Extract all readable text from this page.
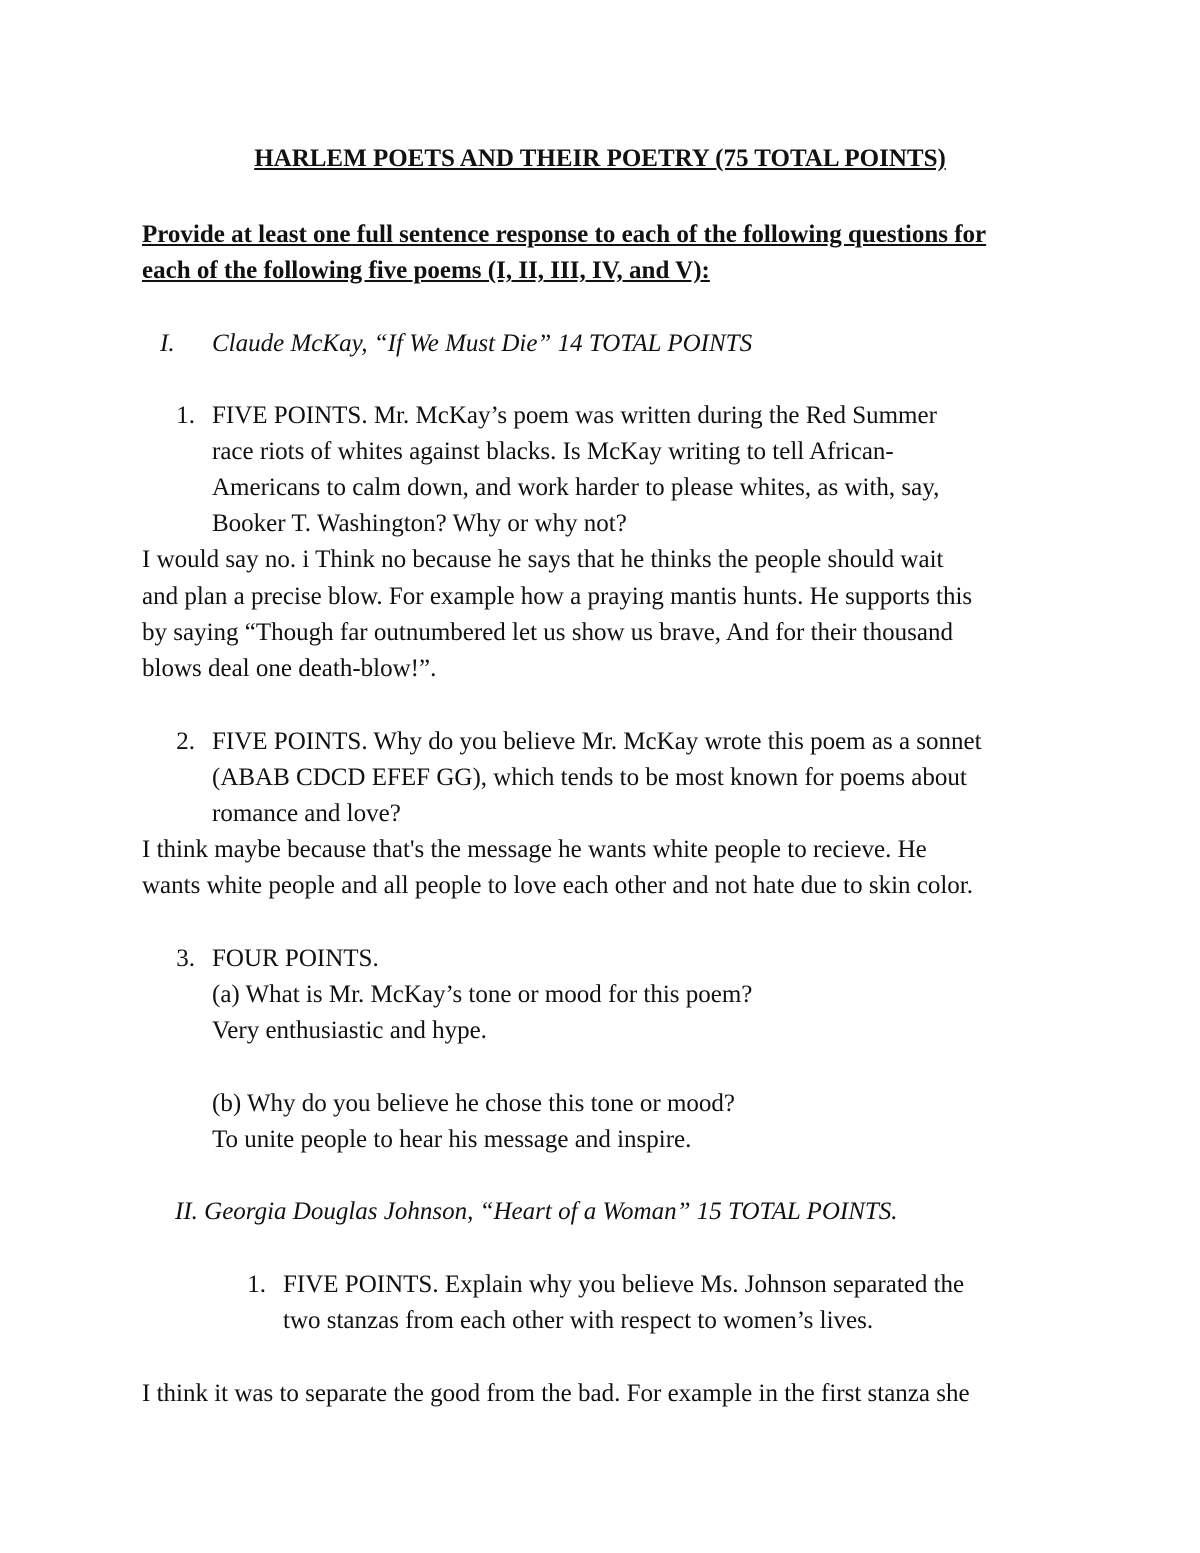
HARLEM POETS AND THEIR POETRY (75 TOTAL POINTS)
Provide at least one full sentence response to each of the following questions for
each of the following five poems (I, II, III, IV, and V):
I. Claude McKay, “If We Must Die” 14 TOTAL POINTS
1. FIVE POINTS. Mr. McKay’s poem was written during the Red Summer
race riots of whites against blacks. Is McKay writing to tell African-
Americans to calm down, and work harder to please whites, as with, say,
Booker T. Washington? Why or why not?
I would say no. i Think no because he says that he thinks the people should wait
and plan a precise blow. For example how a praying mantis hunts. He supports this
by saying “Though far outnumbered let us show us brave, And for their thousand
blows deal one death-blow!”.
2. FIVE POINTS. Why do you believe Mr. McKay wrote this poem as a sonnet
(ABAB CDCD EFEF GG), which tends to be most known for poems about
romance and love?
I think maybe because that's the message he wants white people to recieve. He
wants white people and all people to love each other and not hate due to skin color.
3. FOUR POINTS.
(a) What is Mr. McKay’s tone or mood for this poem?
Very enthusiastic and hype.
(b) Why do you believe he chose this tone or mood?
To unite people to hear his message and inspire.
II. Georgia Douglas Johnson, “Heart of a Woman” 15 TOTAL POINTS.
1. FIVE POINTS. Explain why you believe Ms. Johnson separated the
two stanzas from each other with respect to women’s lives.
I think it was to separate the good from the bad. For example in the first stanza she
